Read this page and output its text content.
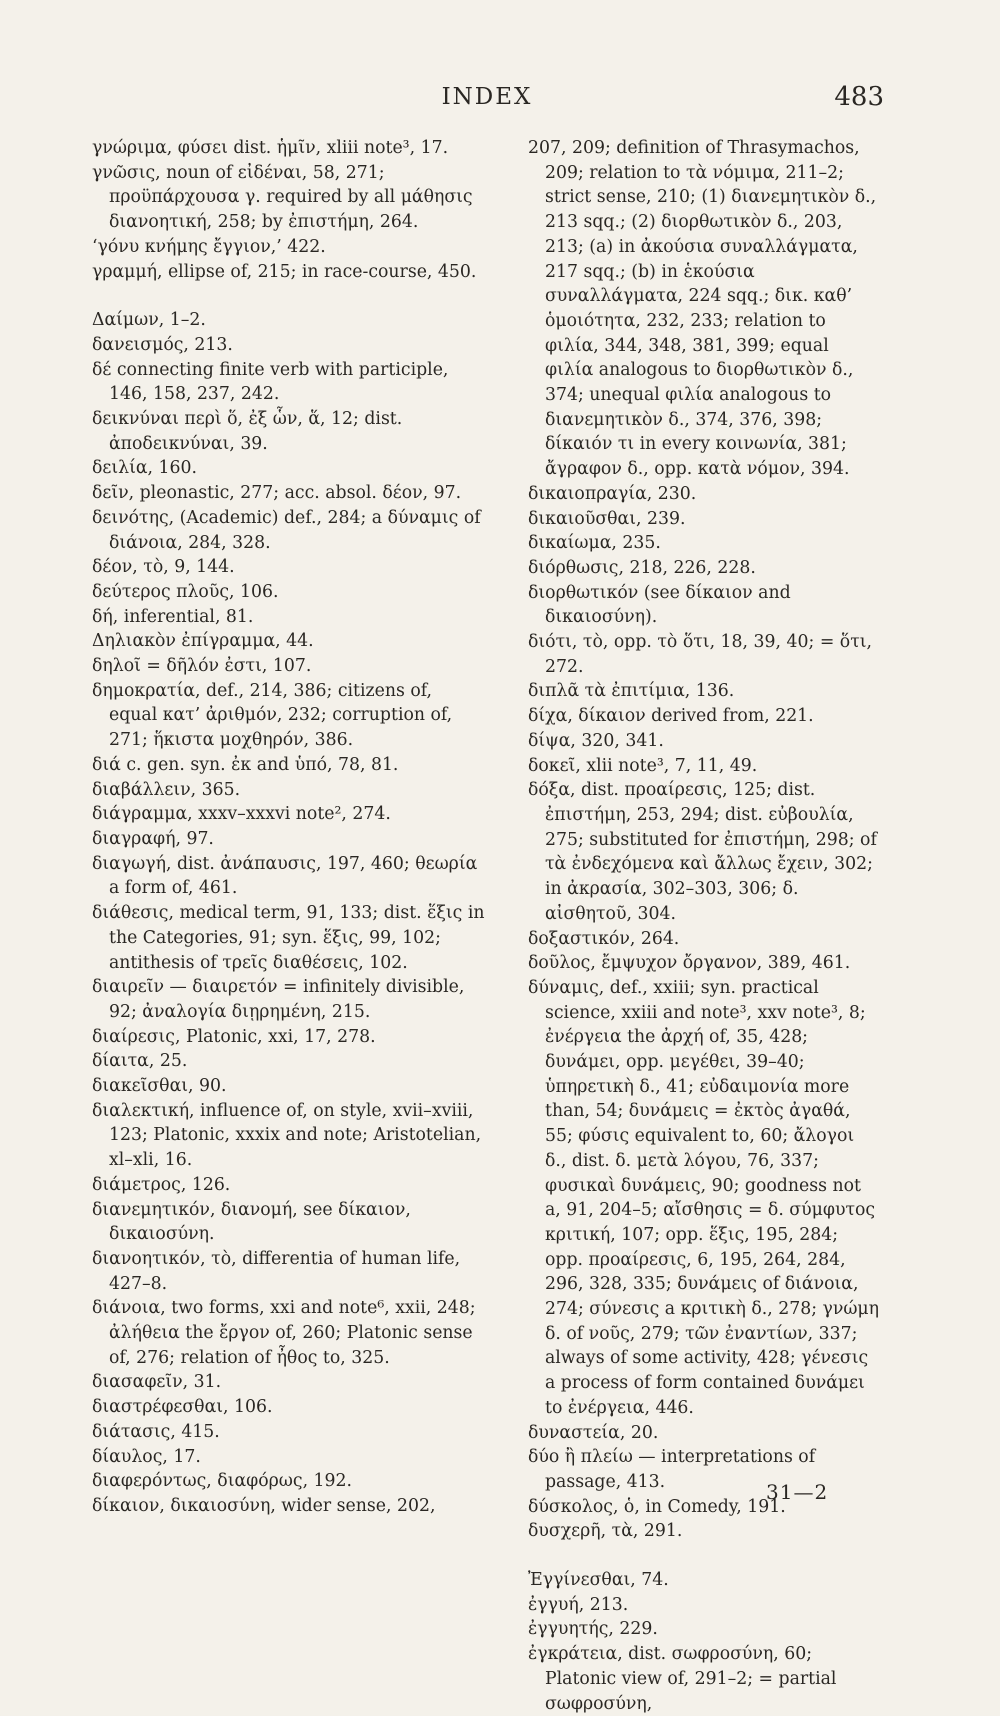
INDEX	483
γνώριμα, φύσει dist. ἡμῖν, xliii note³, 17.
γνῶσις, noun of εἰδέναι, 58, 271; προϋπάρχουσα γ. required by all μάθησις διανοητική, 258; by ἐπιστήμη, 264.
‘γόνυ κνήμης ἔγγιον,’ 422.
γραμμή, ellipse of, 215; in race-course, 450.
Δαίμων, 1–2.
δανεισμός, 213.
δέ connecting finite verb with participle, 146, 158, 237, 242.
δεικνύναι περὶ ὅ, ἐξ ὧν, ἅ, 12; dist. ἀποδεικνύναι, 39.
δειλία, 160.
δεῖν, pleonastic, 277; acc. absol. δέον, 97.
δεινότης, (Academic) def., 284; a δύναμις of διάνοια, 284, 328.
δέον, τὸ, 9, 144.
δεύτερος πλοῦς, 106.
δή, inferential, 81.
Δηλιακὸν ἐπίγραμμα, 44.
δηλοῖ = δῆλόν ἐστι, 107.
δημοκρατία, def., 214, 386; citizens of, equal κατ’ ἀριθμόν, 232; corruption of, 271; ἥκιστα μοχθηρόν, 386.
διά c. gen. syn. ἐκ and ὑπό, 78, 81.
διαβάλλειν, 365.
διάγραμμα, xxxv–xxxvi note², 274.
διαγραφή, 97.
διαγωγή, dist. ἀνάπαυσις, 197, 460; θεωρία a form of, 461.
διάθεσις, medical term, 91, 133; dist. ἕξις in the Categories, 91; syn. ἕξις, 99, 102; antithesis of τρεῖς διαθέσεις, 102.
διαιρεῖν — διαιρετόν = infinitely divisible, 92; ἀναλογία διῃρημένη, 215.
διαίρεσις, Platonic, xxi, 17, 278.
δίαιτα, 25.
διακεῖσθαι, 90.
διαλεκτική, influence of, on style, xvii–xviii, 123; Platonic, xxxix and note; Aristotelian, xl–xli, 16.
διάμετρος, 126.
διανεμητικόν, διανομή, see δίκαιον, δικαιοσύνη.
διανοητικόν, τὸ, differentia of human life, 427–8.
διάνοια, two forms, xxi and note⁶, xxii, 248; ἀλήθεια the ἔργον of, 260; Platonic sense of, 276; relation of ἦθος to, 325.
διασαφεῖν, 31.
διαστρέφεσθαι, 106.
διάτασις, 415.
δίαυλος, 17.
διαφερόντως, διαφόρως, 192.
δίκαιον, δικαιοσύνη, wider sense, 202,
207, 209; definition of Thrasymachos, 209; relation to τὰ νόμιμα, 211–2; strict sense, 210; (1) διανεμητικὸν δ., 213 sqq.; (2) διορθωτικὸν δ., 203, 213; (a) in ἀκούσια συναλλάγματα, 217 sqq.; (b) in ἑκούσια συναλλάγματα, 224 sqq.; δικ. καθ’ ὁμοιότητα, 232, 233; relation to φιλία, 344, 348, 381, 399; equal φιλία analogous to διορθωτικὸν δ., 374; unequal φιλία analogous to διανεμητικὸν δ., 374, 376, 398; δίκαιόν τι in every κοινωνία, 381; ἄγραφον δ., opp. κατὰ νόμον, 394.
δικαιοπραγία, 230.
δικαιοῦσθαι, 239.
δικαίωμα, 235.
διόρθωσις, 218, 226, 228.
διορθωτικόν (see δίκαιον and δικαιοσύνη).
διότι, τὸ, opp. τὸ ὅτι, 18, 39, 40; = ὅτι, 272.
διπλᾶ τὰ ἐπιτίμια, 136.
δίχα, δίκαιον derived from, 221.
δίψα, 320, 341.
δοκεῖ, xlii note³, 7, 11, 49.
δόξα, dist. προαίρεσις, 125; dist. ἐπιστήμη, 253, 294; dist. εὐβουλία, 275; substituted for ἐπιστήμη, 298; of τὰ ἐνδεχόμενα καὶ ἄλλως ἔχειν, 302; in ἀκρασία, 302–303, 306; δ. αἰσθητοῦ, 304.
δοξαστικόν, 264.
δοῦλος, ἔμψυχον ὄργανον, 389, 461.
δύναμις, def., xxiii; syn. practical science, xxiii and note³, xxv note³, 8; ἐνέργεια the ἀρχή of, 35, 428; δυνάμει, opp. μεγέθει, 39–40; ὑπηρετικὴ δ., 41; εὐδαιμονία more than, 54; δυνάμεις = ἐκτὸς ἀγαθά, 55; φύσις equivalent to, 60; ἄλογοι δ., dist. δ. μετὰ λόγου, 76, 337; φυσικαὶ δυνάμεις, 90; goodness not a, 91, 204–5; αἴσθησις = δ. σύμφυτος κριτική, 107; opp. ἕξις, 195, 284; opp. προαίρεσις, 6, 195, 264, 284, 296, 328, 335; δυνάμεις of διάνοια, 274; σύνεσις a κριτικὴ δ., 278; γνώμη δ. of νοῦς, 279; τῶν ἐναντίων, 337; always of some activity, 428; γένεσις a process of form contained δυνάμει to ἐνέργεια, 446.
δυναστεία, 20.
δύο ἢ πλείω — interpretations of passage, 413.
δύσκολος, ὁ, in Comedy, 191.
δυσχερῆ, τὰ, 291.
Ἐγγίνεσθαι, 74.
ἐγγυή, 213.
ἐγγυητής, 229.
ἐγκράτεια, dist. σωφροσύνη, 60; Platonic view of, 291–2; = partial σωφροσύνη,
31—2
